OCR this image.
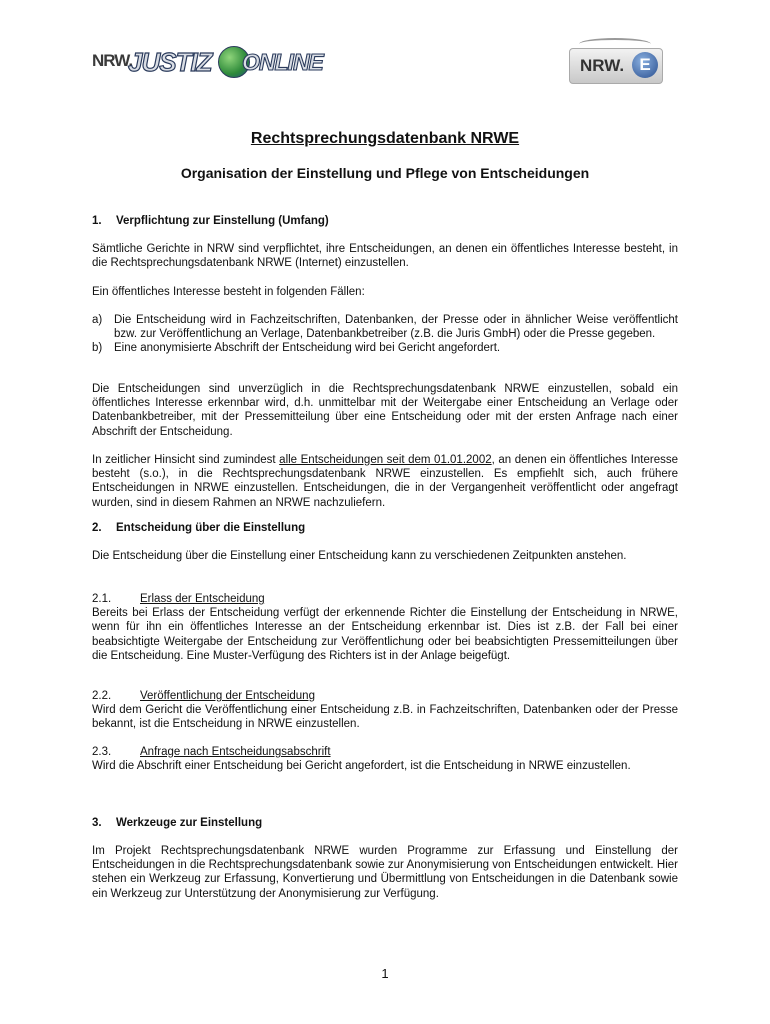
NRW.
JUSTIZ ONLINE	NRW. E
Rechtsprechungsdatenbank NRWE
Organisation der Einstellung und Pflege von Entscheidungen
1. Verpflichtung zur Einstellung (Umfang)
Sämtliche Gerichte in NRW sind verpflichtet, ihre Entscheidungen, an denen ein öffentliches Interesse besteht, in die Rechtsprechungsdatenbank NRWE (Internet) einzustellen.
Ein öffentliches Interesse besteht in folgenden Fällen:
a) Die Entscheidung wird in Fachzeitschriften, Datenbanken, der Presse oder in ähnlicher Weise veröffentlicht bzw. zur Veröffentlichung an Verlage, Datenbankbetreiber (z.B. die Juris GmbH) oder die Presse gegeben.
b) Eine anonymisierte Abschrift der Entscheidung wird bei Gericht angefordert.
Die Entscheidungen sind unverzüglich in die Rechtsprechungsdatenbank NRWE einzustellen, sobald ein öffentliches Interesse erkennbar wird, d.h. unmittelbar mit der Weitergabe einer Entscheidung an Verlage oder Datenbankbetreiber, mit der Pressemitteilung über eine Entscheidung oder mit der ersten Anfrage nach einer Abschrift der Entscheidung.
In zeitlicher Hinsicht sind zumindest alle Entscheidungen seit dem 01.01.2002, an denen ein öffentliches Interesse besteht (s.o.), in die Rechtsprechungsdatenbank NRWE einzustellen. Es empfiehlt sich, auch frühere Entscheidungen in NRWE einzustellen. Entscheidungen, die in der Vergangenheit veröffentlicht oder angefragt wurden, sind in diesem Rahmen an NRWE nachzuliefern.
2. Entscheidung über die Einstellung
Die Entscheidung über die Einstellung einer Entscheidung kann zu verschiedenen Zeitpunkten anstehen.
2.1.	Erlass der Entscheidung
Bereits bei Erlass der Entscheidung verfügt der erkennende Richter die Einstellung der Entscheidung in NRWE, wenn für ihn ein öffentliches Interesse an der Entscheidung erkennbar ist. Dies ist z.B. der Fall bei einer beabsichtigte Weitergabe der Entscheidung zur Veröffentlichung oder bei beabsichtigten Pressemitteilungen über die Entscheidung. Eine Muster-Verfügung des Richters ist in der Anlage beigefügt.
2.2.	Veröffentlichung der Entscheidung
Wird dem Gericht die Veröffentlichung einer Entscheidung z.B. in Fachzeitschriften, Datenbanken oder der Presse bekannt, ist die Entscheidung in NRWE einzustellen.
2.3.	Anfrage nach Entscheidungsabschrift
Wird die Abschrift einer Entscheidung bei Gericht angefordert, ist die Entscheidung in NRWE einzustellen.
3. Werkzeuge zur Einstellung
Im Projekt Rechtsprechungsdatenbank NRWE wurden Programme zur Erfassung und Einstellung der Entscheidungen in die Rechtsprechungsdatenbank sowie zur Anonymisierung von Entscheidungen entwickelt. Hier stehen ein Werkzeug zur Erfassung, Konvertierung und Übermittlung von Entscheidungen in die Datenbank sowie ein Werkzeug zur Unterstützung der Anonymisierung zur Verfügung.
1
